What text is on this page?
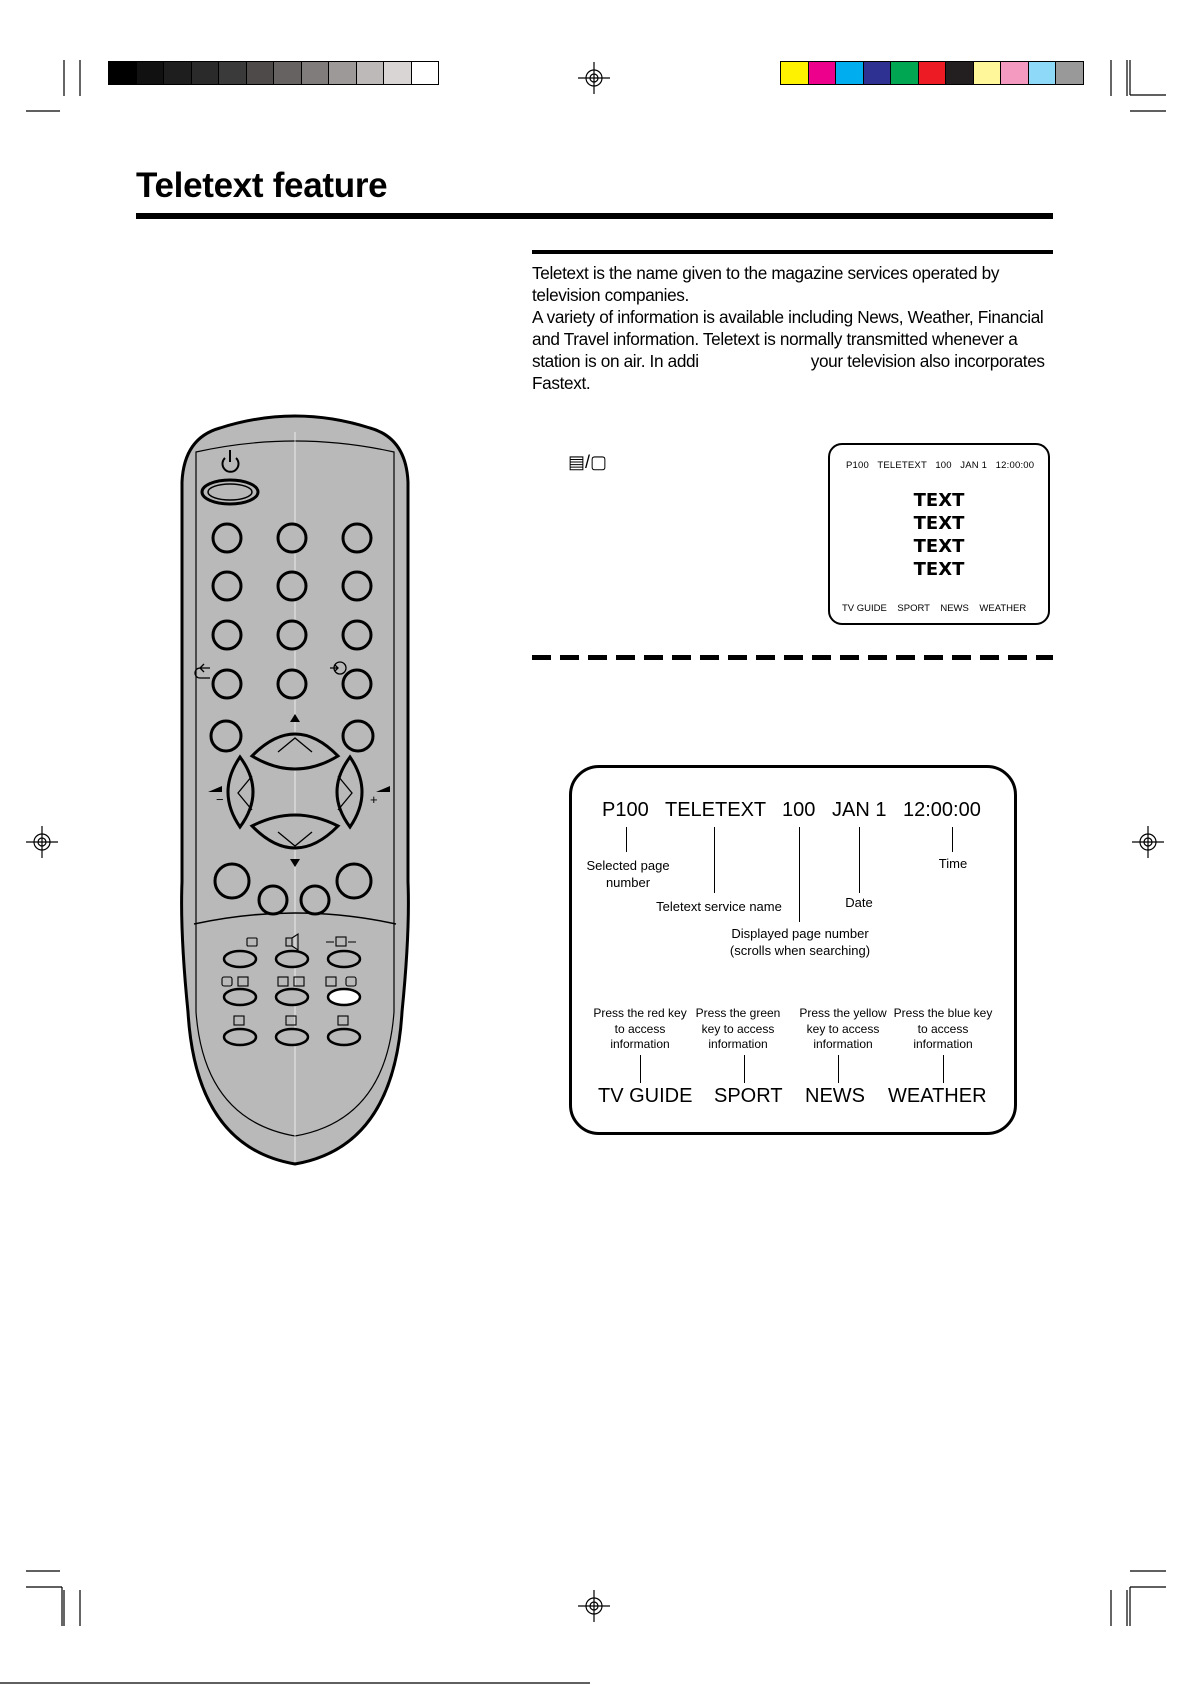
Teletext feature

Teletext is the name given to the magazine services operated by television companies.

A variety of information is available including News, Weather, Financial and Travel information. Teletext is normally transmitted whenever a station is on air. In addi	your television also incorporates Fastext.

▤/▢	P100   TELETEXT   100   JAN 1   12:00:00
TEXT
TEXT
TEXT
TEXT
TV GUIDE    SPORT    NEWS    WEATHER
−	+	P100 TELETEXT 100 JAN 1 12:00:00
Selected page number
Teletext service name	Date
Time
Displayed page number
(scrolls when searching)
Press the red key to access information
Press the green key to access information
Press the yellow key to access information
Press the blue key to access information
TV GUIDE SPORT NEWS WEATHER
